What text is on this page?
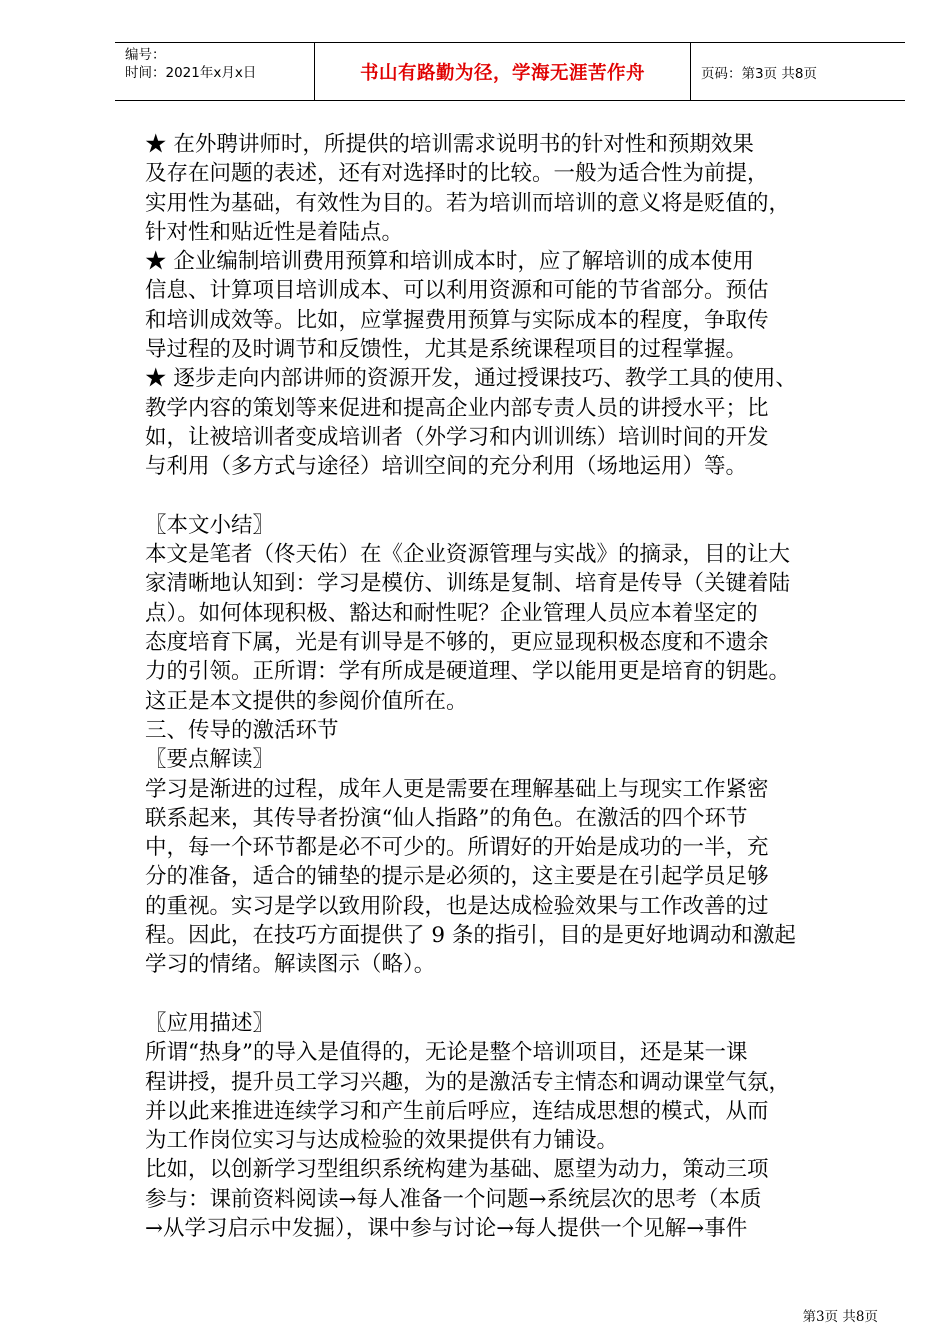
编号：
时间：2021年x月x日	书山有路勤为径，学海无涯苦作舟	页码：第3页 共8页
★ 在外聘讲师时，所提供的培训需求说明书的针对性和预期效果
及存在问题的表述，还有对选择时的比较。一般为适合性为前提，
实用性为基础，有效性为目的。若为培训而培训的意义将是贬值的，
针对性和贴近性是着陆点。
★ 企业编制培训费用预算和培训成本时，应了解培训的成本使用
信息、计算项目培训成本、可以利用资源和可能的节省部分。预估
和培训成效等。比如，应掌握费用预算与实际成本的程度，争取传
导过程的及时调节和反馈性，尤其是系统课程项目的过程掌握。
★ 逐步走向内部讲师的资源开发，通过授课技巧、教学工具的使用、
教学内容的策划等来促进和提高企业内部专责人员的讲授水平；比
如，让被培训者变成培训者（外学习和内训训练）培训时间的开发
与利用（多方式与途径）培训空间的充分利用（场地运用）等。
〖本文小结〗
本文是笔者（佟天佑）在《企业资源管理与实战》的摘录，目的让大
家清晰地认知到：学习是模仿、训练是复制、培育是传导（关键着陆
点）。如何体现积极、豁达和耐性呢？企业管理人员应本着坚定的
态度培育下属，光是有训导是不够的，更应显现积极态度和不遗余
力的引领。正所谓：学有所成是硬道理、学以能用更是培育的钥匙。
这正是本文提供的参阅价值所在。
三、传导的激活环节
〖要点解读〗
学习是渐进的过程，成年人更是需要在理解基础上与现实工作紧密
联系起来，其传导者扮演“仙人指路”的角色。在激活的四个环节
中，每一个环节都是必不可少的。所谓好的开始是成功的一半，充
分的准备，适合的铺垫的提示是必须的，这主要是在引起学员足够
的重视。实习是学以致用阶段，也是达成检验效果与工作改善的过
程。因此，在技巧方面提供了 9 条的指引，目的是更好地调动和激起
学习的情绪。解读图示（略）。
〖应用描述〗
所谓“热身”的导入是值得的，无论是整个培训项目，还是某一课
程讲授，提升员工学习兴趣，为的是激活专主情态和调动课堂气氛，
并以此来推进连续学习和产生前后呼应，连结成思想的模式，从而
为工作岗位实习与达成检验的效果提供有力铺设。
比如，以创新学习型组织系统构建为基础、愿望为动力，策动三项
参与：课前资料阅读→每人准备一个问题→系统层次的思考（本质
→从学习启示中发掘），课中参与讨论→每人提供一个见解→事件
第3页 共8页
